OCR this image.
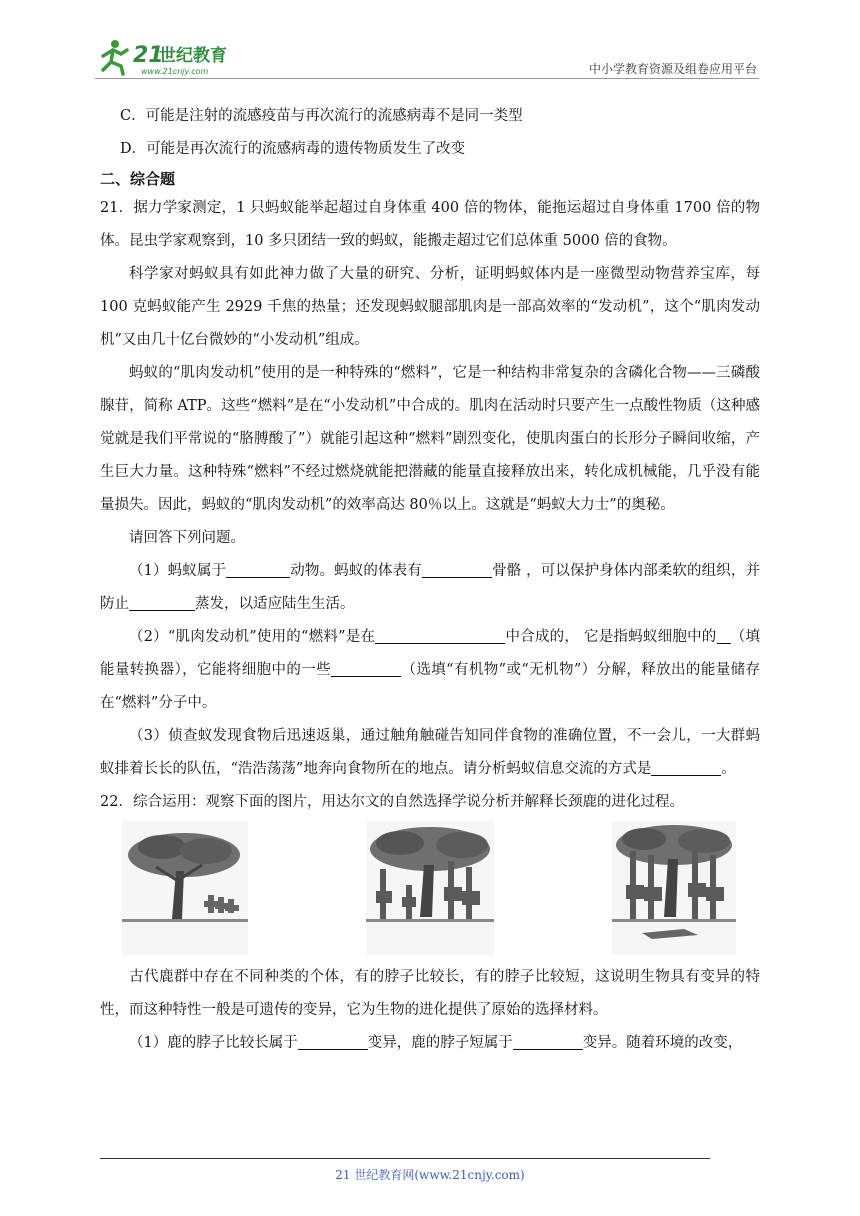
21
世纪教育
www.21cnjy.com	中小学教育资源及组卷应用平台

C．可能是注射的流感疫苗与再次流行的流感病毒不是同一类型

D．可能是再次流行的流感病毒的遗传物质发生了改变

二、综合题

21．据力学家测定，1 只蚂蚁能举起超过自身体重 400 倍的物体，能拖运超过自身体重 1700 倍的物体。昆虫学家观察到，10 多只团结一致的蚂蚁，能搬走超过它们总体重 5000 倍的食物。

科学家对蚂蚁具有如此神力做了大量的研究、分析，证明蚂蚁体内是一座微型动物营养宝库，每 100 克蚂蚁能产生 2929 千焦的热量；还发现蚂蚁腿部肌肉是一部高效率的“发动机”，这个“肌肉发动机”又由几十亿台微妙的“小发动机”组成。

蚂蚁的“肌肉发动机”使用的是一种特殊的“燃料”，它是一种结构非常复杂的含磷化合物——三磷酸腺苷，简称 ATP。这些“燃料”是在“小发动机”中合成的。肌肉在活动时只要产生一点酸性物质（这种感觉就是我们平常说的“胳膊酸了”）就能引起这种“燃料”剧烈变化，使肌肉蛋白的长形分子瞬间收缩，产生巨大力量。这种特殊“燃料”不经过燃烧就能把潜藏的能量直接释放出来，转化成机械能，几乎没有能量损失。因此，蚂蚁的“肌肉发动机”的效率高达 80％以上。这就是“蚂蚁大力士”的奥秘。

请回答下列问题。

（1）蚂蚁属于	动物。蚂蚁的体表有	骨骼 ，可以保护身体内部柔软的组织，并防止	蒸发，以适应陆生生活。

（2）“肌肉发动机”使用的“燃料”是在	中合成的， 它是指蚂蚁细胞中的 （填能量转换器），它能将细胞中的一些	（选填“有机物”或“无机物”）分解，释放出的能量储存在“燃料”分子中。

（3）侦查蚁发现食物后迅速返巢，通过触角触碰告知同伴食物的准确位置，不一会儿，一大群蚂蚁排着长长的队伍，“浩浩荡荡”地奔向食物所在的地点。请分析蚂蚁信息交流的方式是	。

22．综合运用：观察下面的图片，用达尔文的自然选择学说分析并解释长颈鹿的进化过程。

古代鹿群中存在不同种类的个体，有的脖子比较长，有的脖子比较短，这说明生物具有变异的特性，而这种特性一般是可遗传的变异，它为生物的进化提供了原始的选择材料。

（1）鹿的脖子比较长属于	变异，鹿的脖子短属于	变异。随着环境的改变，

21 世纪教育网(www.21cnjy.com)
